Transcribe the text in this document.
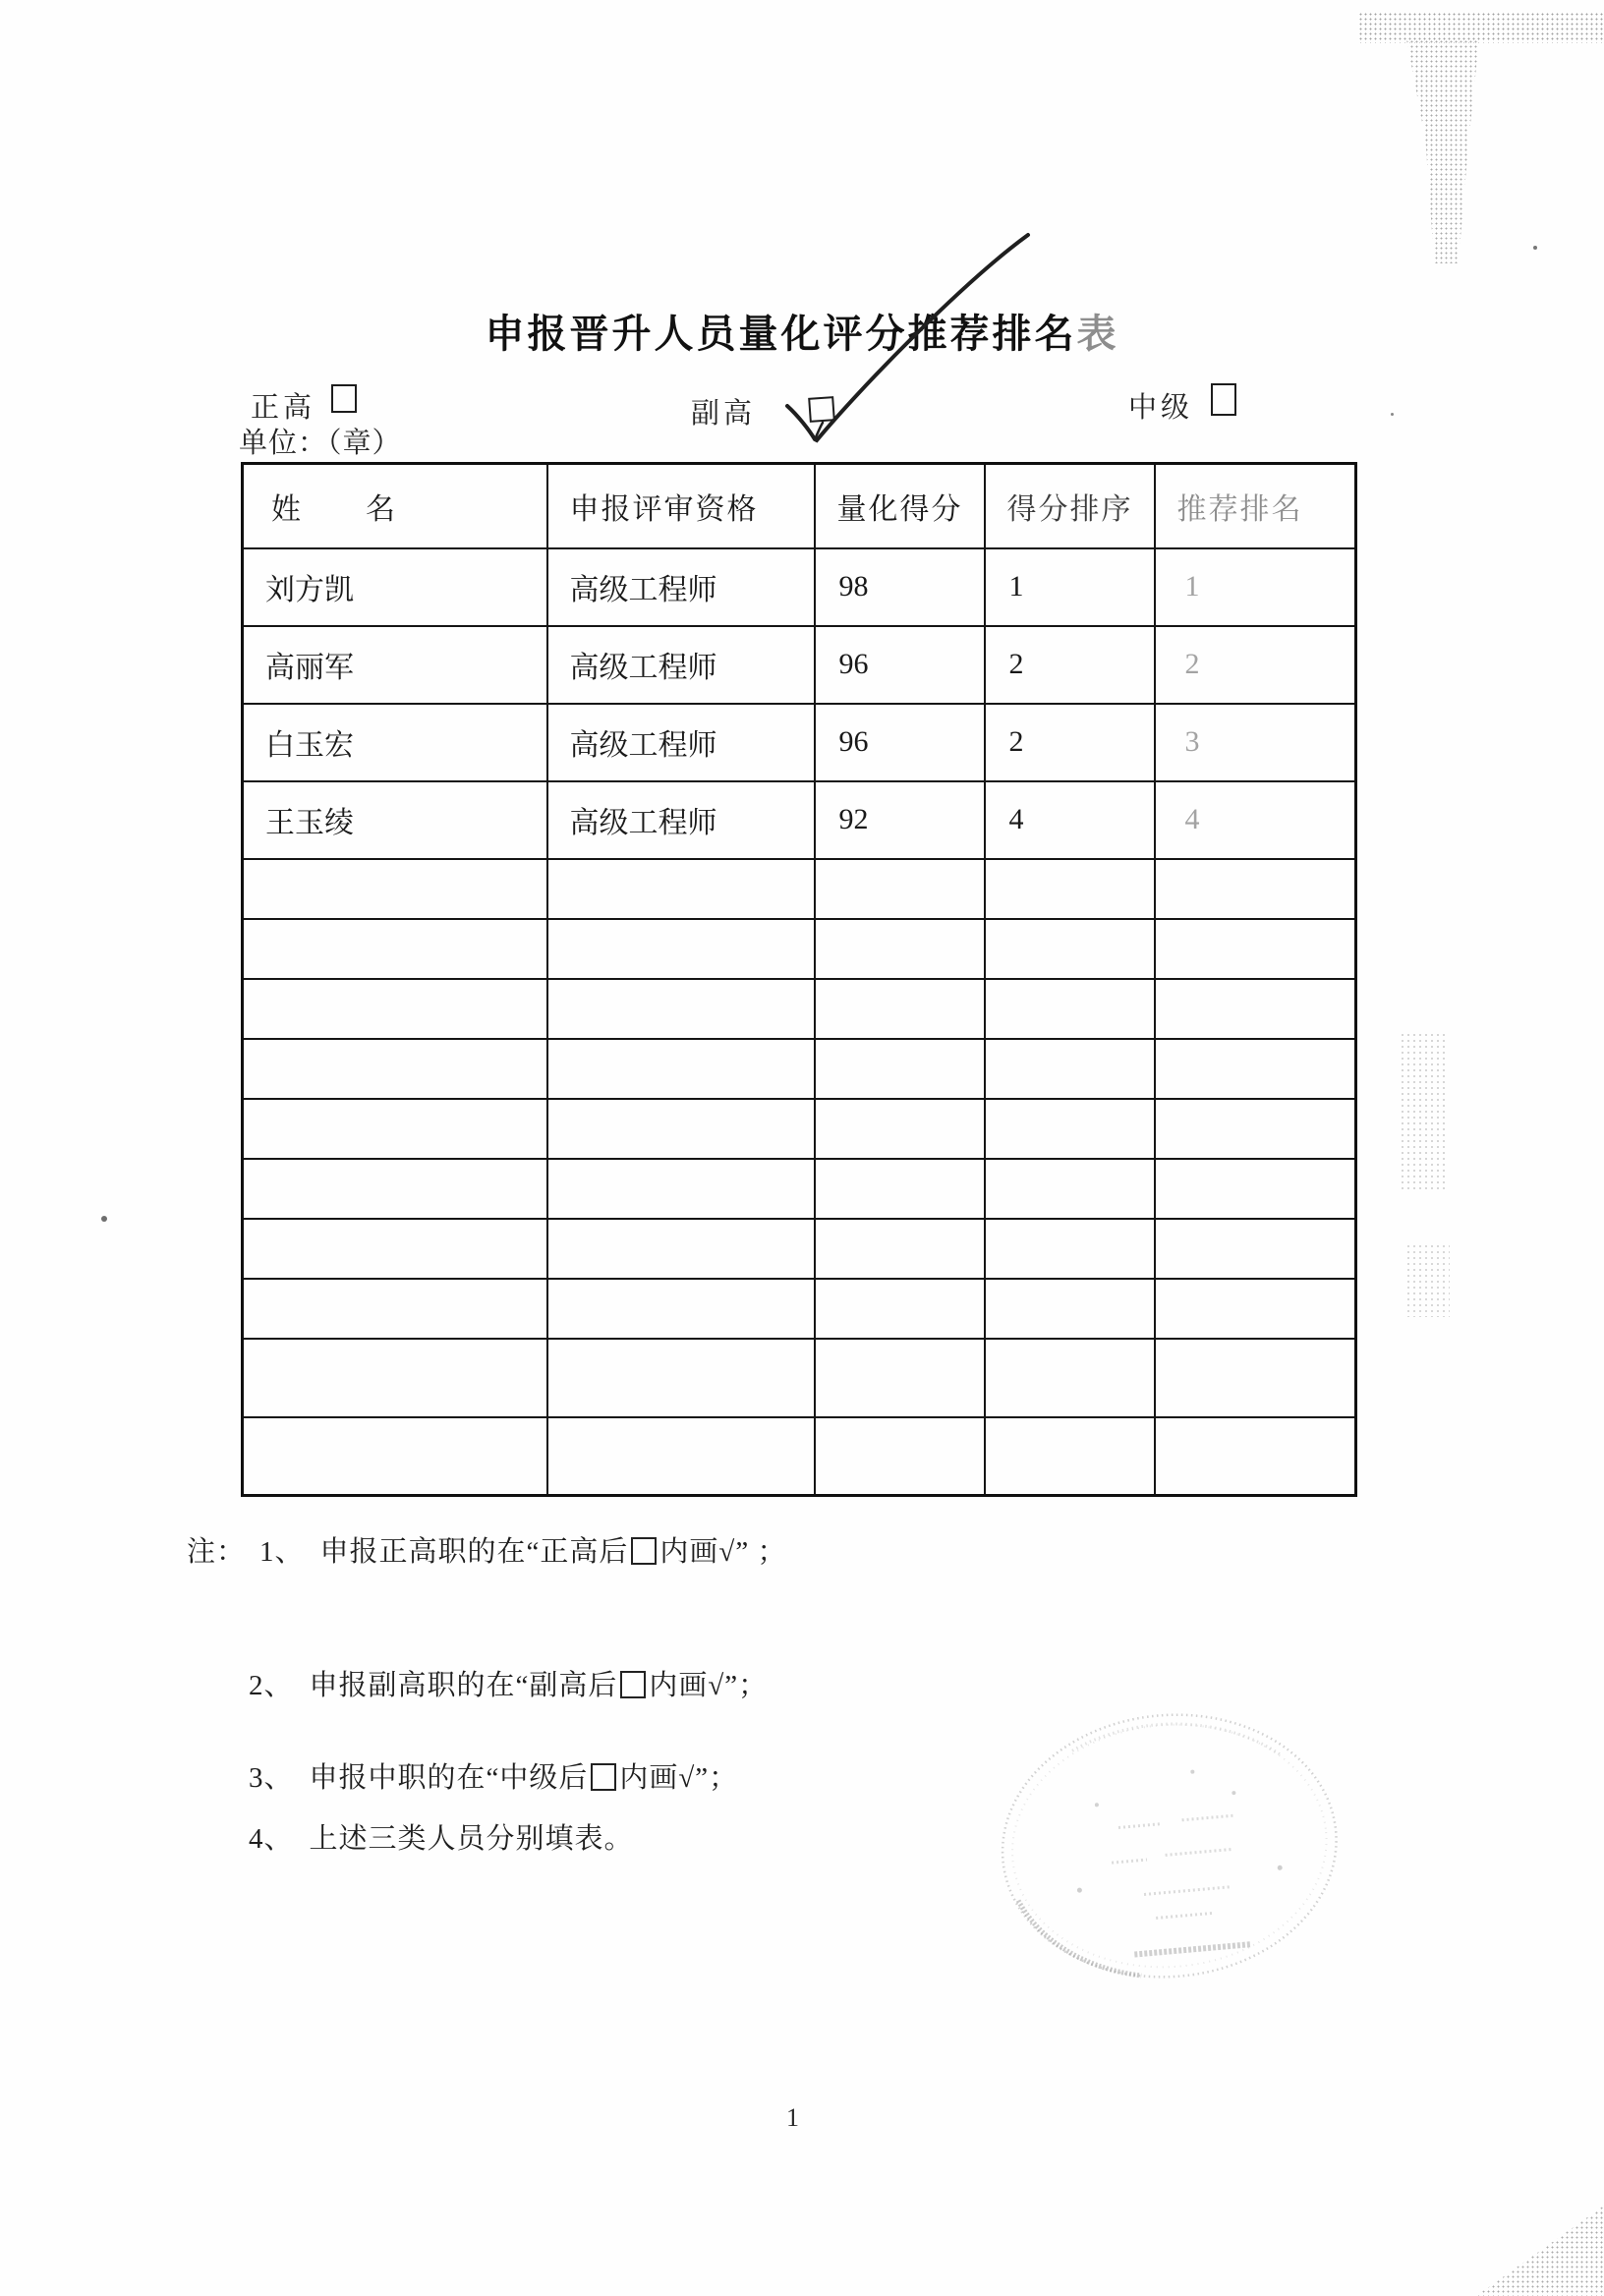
申报晋升人员量化评分推荐排名表
正高	副高	中级
单位：（章）
姓　　名	申报评审资格	量化得分	得分排序	推荐排名
刘方凯	高级工程师	98	1	1
高丽军	高级工程师	96	2	2
白玉宏	高级工程师	96	2	3
王玉绫	高级工程师	92	4	4

注： 1、 申报正高职的在“正高后 内画√” ；
2、 申报副高职的在“副高后 内画√”；
3、 申报中职的在“中级后 内画√”；
4、 上述三类人员分别填表。
1
